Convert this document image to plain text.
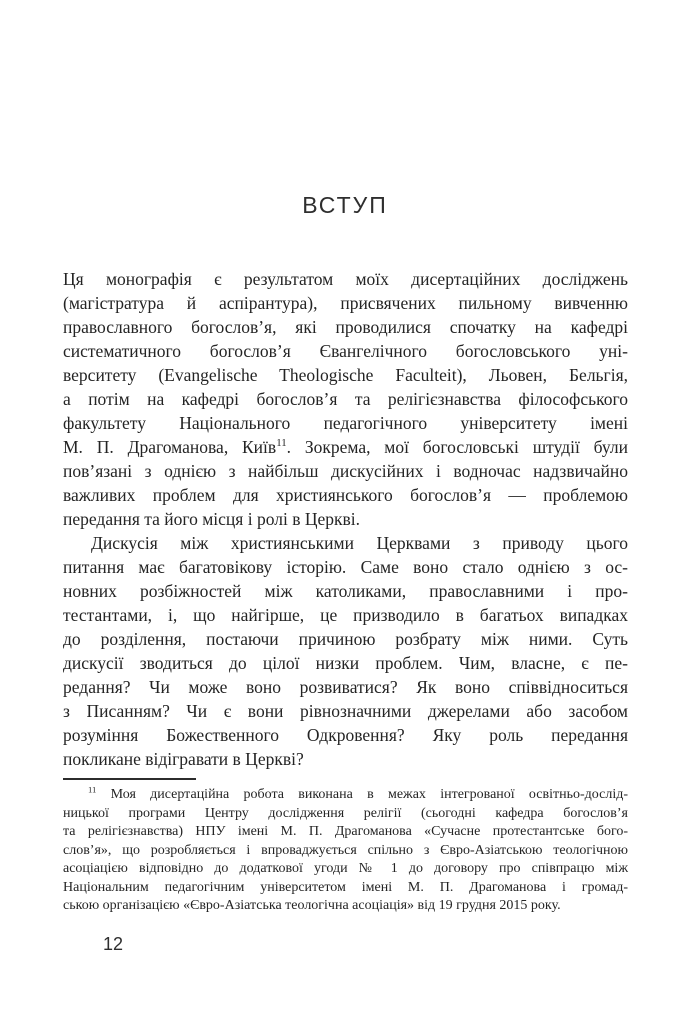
ВСТУП
Ця монографія є результатом моїх дисертаційних досліджень
(магістратура й аспірантура), присвячених пильному вивченню
православного богослов’я, які проводилися спочатку на кафедрі
систематичного богослов’я Євангелічного богословського уні-
верситету (Evangelische Theologische Faculteit), Льовен, Бельгія,
а потім на кафедрі богослов’я та релігієзнавства філософського
факультету Національного педагогічного університету імені
М. П. Драгоманова, Київ$^{11}$. Зокрема, мої богословські штудії були
пов’язані з однією з найбільш дискусійних і водночас надзвичайно
важливих проблем для християнського богослов’я — проблемою
передання та його місця і ролі в Церкві.
Дискусія між християнськими Церквами з приводу цього
питання має багатовікову історію. Саме воно стало однією з ос-
новних розбіжностей між католиками, православними і про-
тестантами, і, що найгірше, це призводило в багатьох випадках
до розділення, постаючи причиною розбрату між ними. Суть
дискусії зводиться до цілої низки проблем. Чим, власне, є пе-
редання? Чи може воно розвиватися? Як воно співвідноситься
з Писанням? Чи є вони рівнозначними джерелами або засобом
розуміння Божественного Одкровення? Яку роль передання
покликане відігравати в Церкві?
$^{11}$ Моя дисертаційна робота виконана в межах інтегрованої освітньо-дослід-
ницької програми Центру дослідження релігії (сьогодні кафедра богослов’я
та релігієзнавства) НПУ імені М. П. Драгоманова «Сучасне протестантське бого-
слов’я», що розробляється і впроваджується спільно з Євро-Азіатською теологічною
асоціацією відповідно до додаткової угоди № 1 до договору про співпрацю між
Національним педагогічним університетом імені М. П. Драгоманова і громад-
ською організацією «Євро-Азіатська теологічна асоціація» від 19 грудня 2015 року.
12
